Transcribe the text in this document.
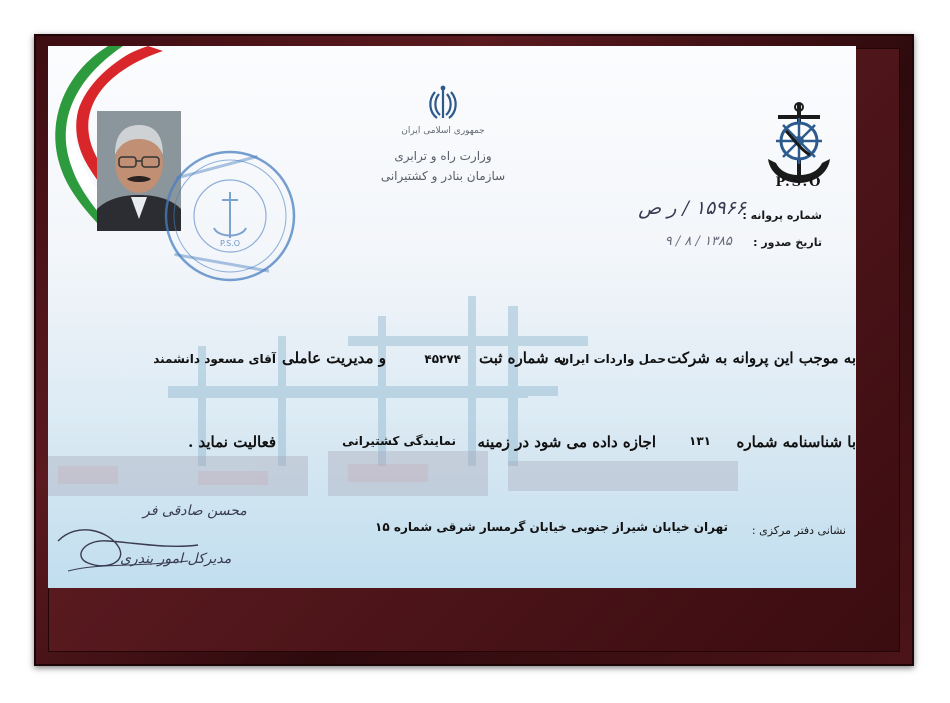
P.S.O
جمهوری اسلامی ایران
وزارت راه و ترابری
سازمان بنادر و کشتیرانی	P.S.O
شماره پروانه :
۱۵۹۶۶ / ر ص
تاریخ صدور :
۱۳۸۵ / ۸ / ۹
به موجب این پروانه به شرکت
حمل واردات ایران
به شماره ثبت
۴۵۲۷۴
و مدیریت عاملی
آقای مسعود دانشمند
با شناسنامه شماره
۱۳۱
اجازه داده می شود در زمینه
نمایندگی کشتیرانی
فعالیت نماید .
نشانی دفتر مرکزی :
تهران خیابان شیراز جنوبی خیابان گرمسار شرقی شماره ۱۵
محسن صادقی فر
مدیرکل امور بندری
